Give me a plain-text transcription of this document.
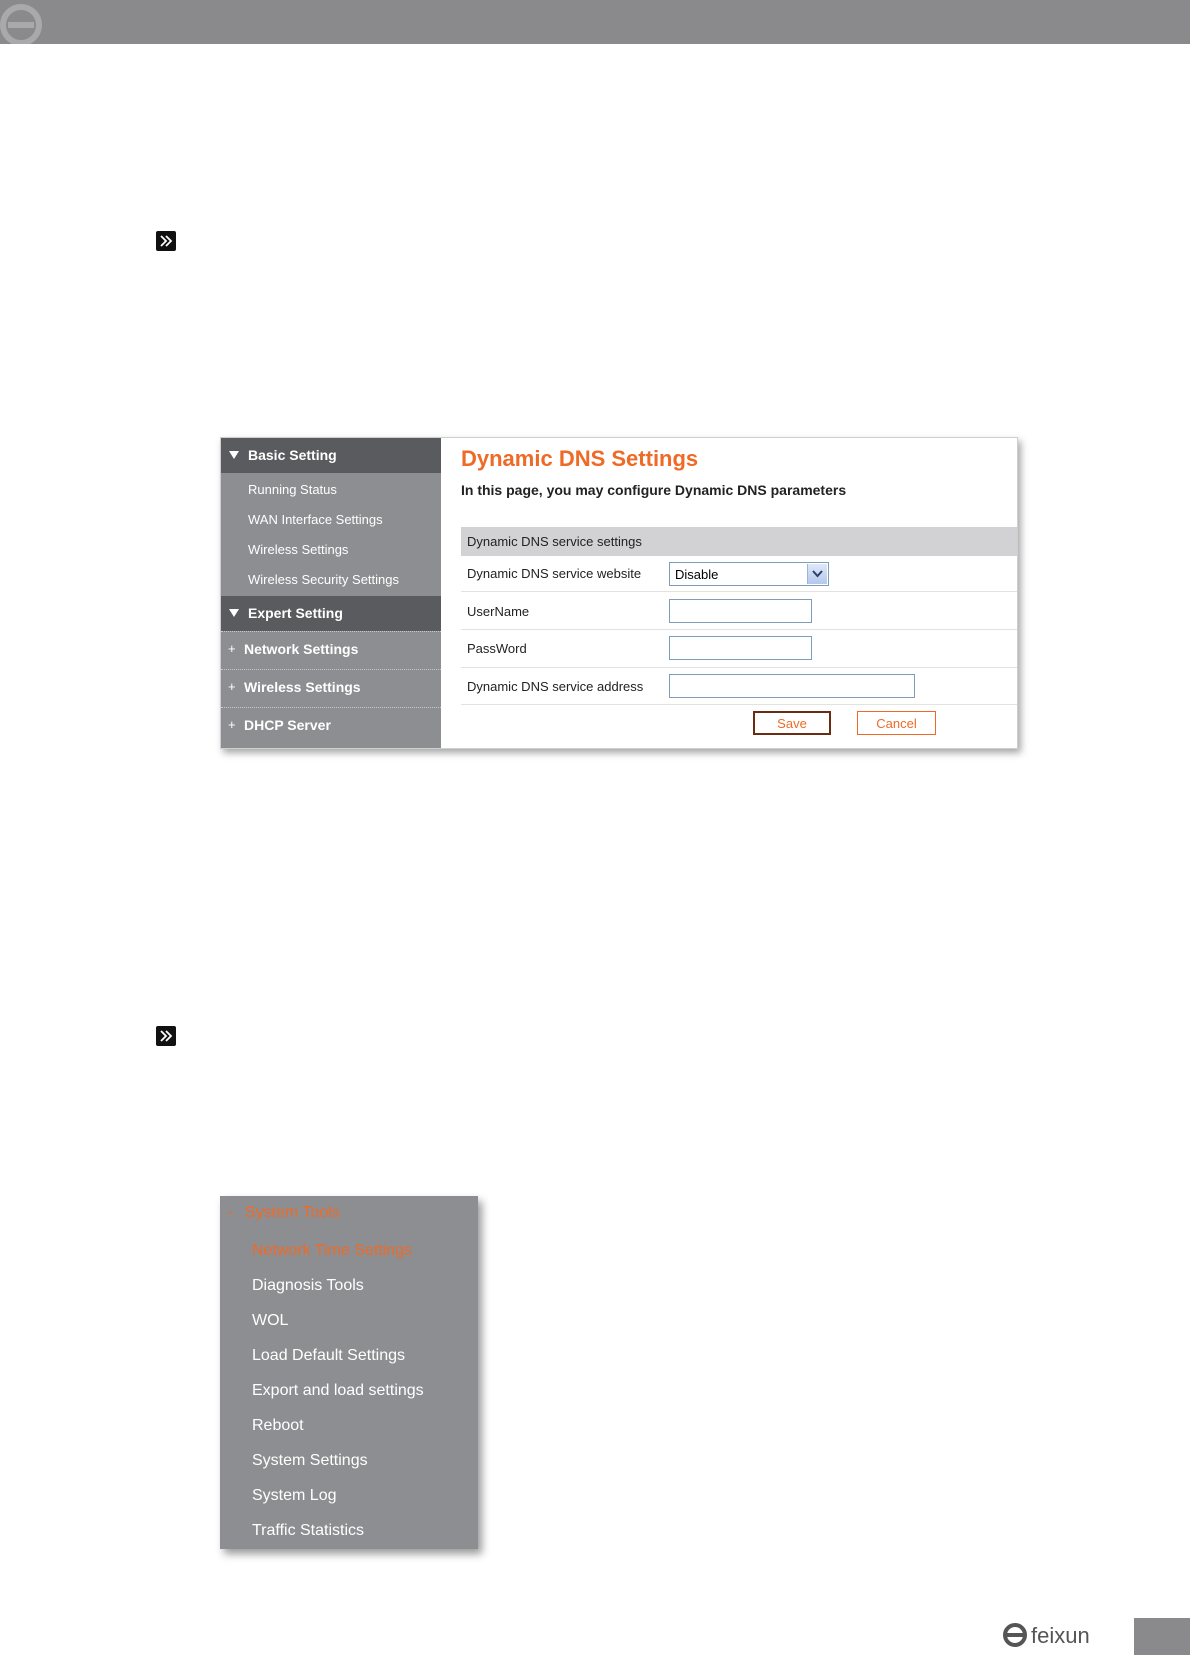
Basic Setting
Running Status
WAN Interface Settings
Wireless Settings
Wireless Security Settings
Expert Setting
+ Network Settings
+ Wireless Settings
+ DHCP Server
Dynamic DNS Settings
In this page, you may configure Dynamic DNS parameters
Dynamic DNS service settings
Dynamic DNS service website	Disable
UserName
PassWord
Dynamic DNS service address
Save	Cancel
- System Tools
Network Time Settings
Diagnosis Tools
WOL
Load Default Settings
Export and load settings
Reboot
System Settings
System Log
Traffic Statistics
feixun
